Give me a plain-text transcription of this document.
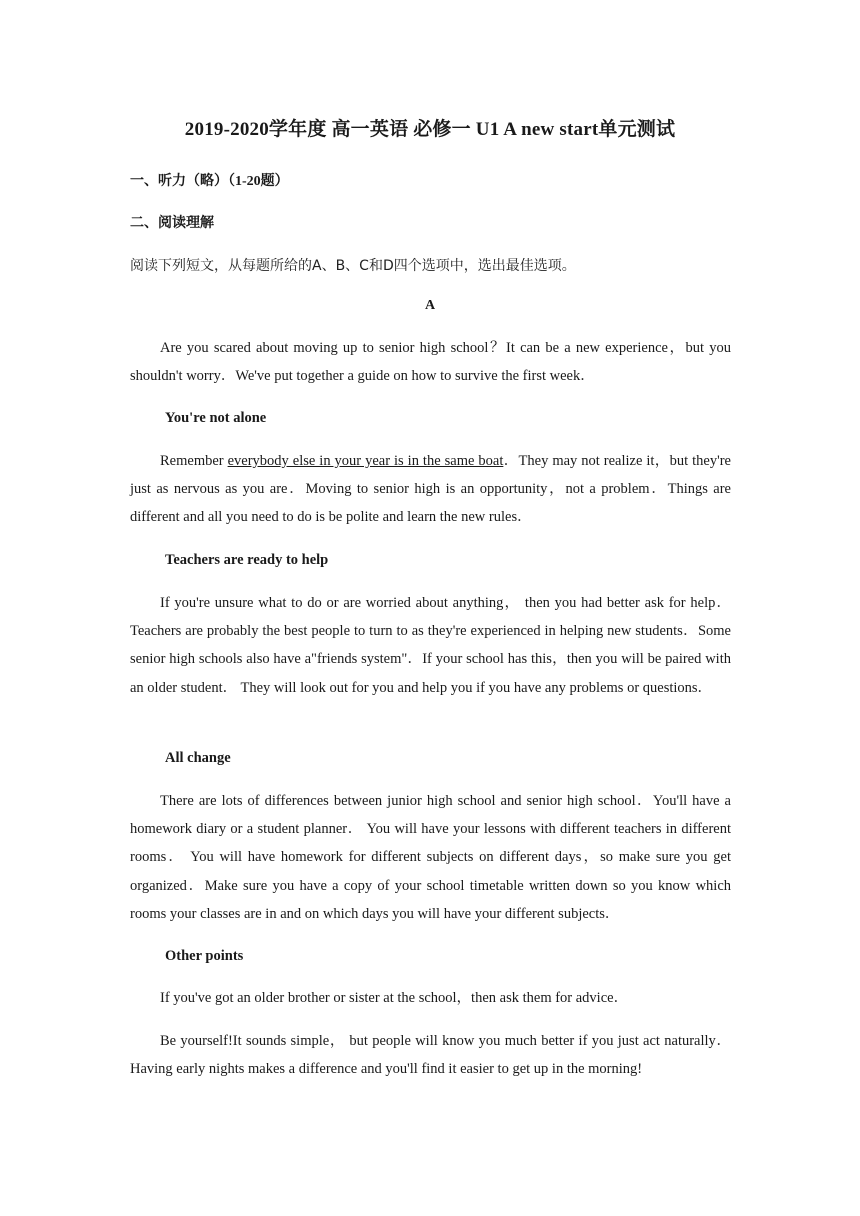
2019-2020学年度 高一英语 必修一 U1 A new start单元测试
一、听力（略）（1-20题）
二、阅读理解
阅读下列短文，从每题所给的A、B、C和D四个选项中，选出最佳选项。
A

Are you scared about moving up to senior high school？It can be a new experience，but you shouldn't worry．We've put together a guide on how to survive the first week．

You're not alone

Remember everybody else in your year is in the same boat．They may not realize it，but they're just as nervous as you are．Moving to senior high is an opportunity，not a problem．Things are different and all you need to do is be polite and learn the new rules．

Teachers are ready to help

If you're unsure what to do or are worried about anything， then you had better ask for help． Teachers are probably the best people to turn to as they're experienced in helping new students．Some senior high schools also have a"friends system"．If your school has this，then you will be paired with an older student． They will look out for you and help you if you have any problems or questions．

All change

There are lots of differences between junior high school and senior high school．You'll have a homework diary or a student planner． You will have your lessons with different teachers in different rooms． You will have homework for different subjects on different days，so make sure you get organized．Make sure you have a copy of your school timetable written down so you know which rooms your classes are in and on which days you will have your different subjects．

Other points

If you've got an older brother or sister at the school，then ask them for advice．

Be yourself!It sounds simple， but people will know you much better if you just act naturally．Having early nights makes a difference and you'll find it easier to get up in the morning!
